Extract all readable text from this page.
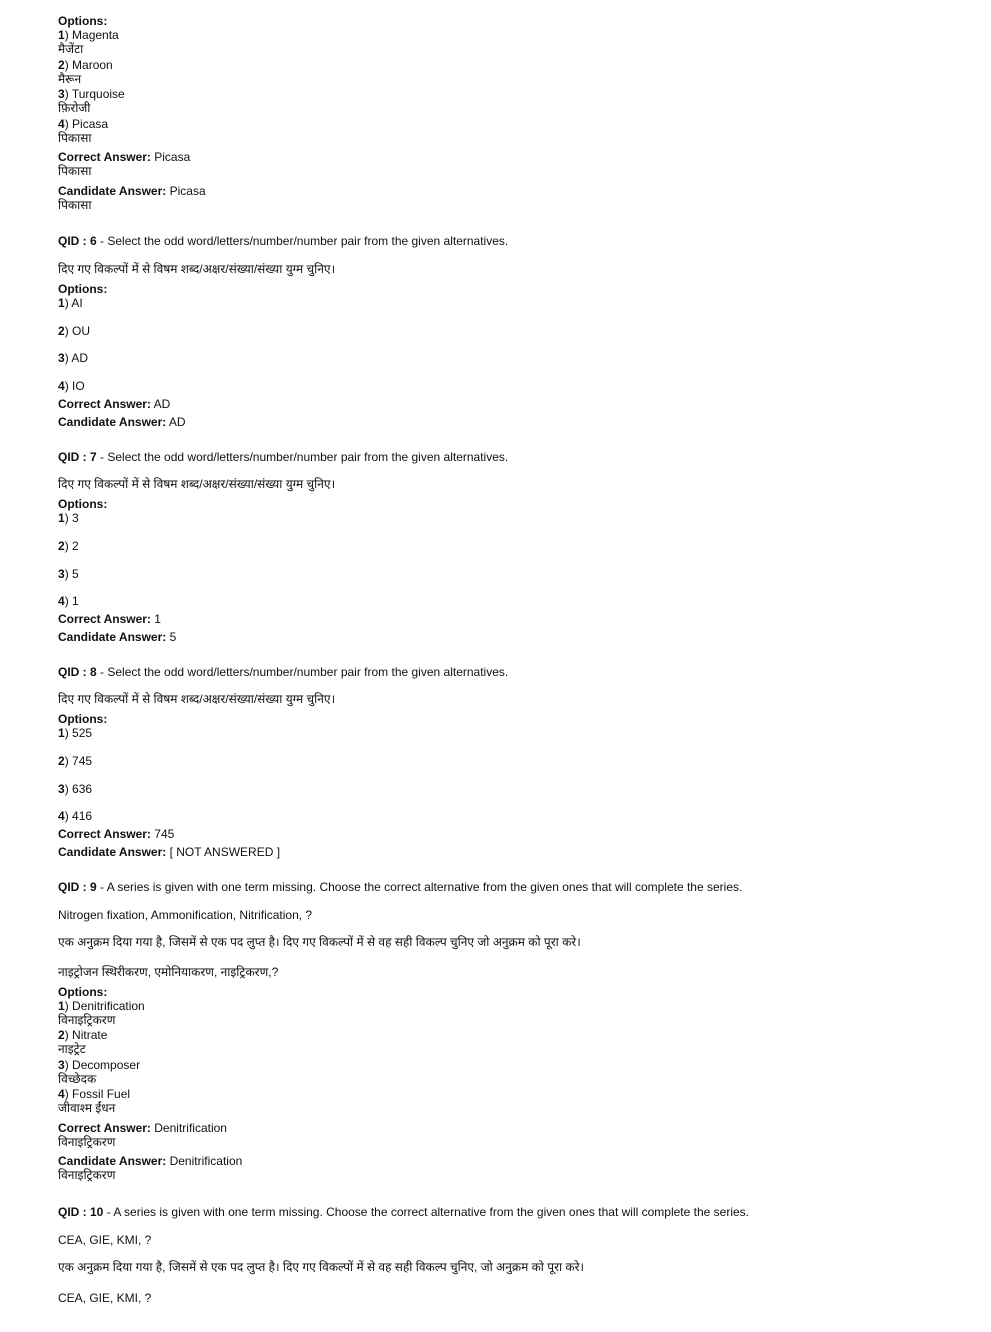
Options:
1) Magenta
मैजेंटा
2) Maroon
मैरून
3) Turquoise
फ़िरोजी
4) Picasa
पिकासा
Correct Answer: Picasa
पिकासा
Candidate Answer: Picasa
पिकासा
QID : 6 - Select the odd word/letters/number/number pair from the given alternatives.
दिए गए विकल्पों में से विषम शब्द/अक्षर/संख्या/संख्या युग्म चुनिए।
Options:
1) AI
2) OU
3) AD
4) IO
Correct Answer: AD
Candidate Answer: AD
QID : 7 - Select the odd word/letters/number/number pair from the given alternatives.
दिए गए विकल्पों में से विषम शब्द/अक्षर/संख्या/संख्या युग्म चुनिए।
Options:
1) 3
2) 2
3) 5
4) 1
Correct Answer: 1
Candidate Answer: 5
QID : 8 - Select the odd word/letters/number/number pair from the given alternatives.
दिए गए विकल्पों में से विषम शब्द/अक्षर/संख्या/संख्या युग्म चुनिए।
Options:
1) 525
2) 745
3) 636
4) 416
Correct Answer: 745
Candidate Answer: [ NOT ANSWERED ]
QID : 9 - A series is given with one term missing. Choose the correct alternative from the given ones that will complete the series.
Nitrogen fixation, Ammonification, Nitrification, ?
एक अनुक्रम दिया गया है, जिसमें से एक पद लुप्त है। दिए गए विकल्पों में से वह सही विकल्प चुनिए जो अनुक्रम को पूरा करे।
नाइट्रोजन स्थिरीकरण, एमोनियाकरण, नाइट्रिकरण,?
Options:
1) Denitrification
विनाइट्रिकरण
2) Nitrate
नाइट्रेट
3) Decomposer
विच्छेदक
4) Fossil Fuel
जीवाश्म ईंधन
Correct Answer: Denitrification
विनाइट्रिकरण
Candidate Answer: Denitrification
विनाइट्रिकरण
QID : 10 - A series is given with one term missing. Choose the correct alternative from the given ones that will complete the series.
CEA, GIE, KMI, ?
एक अनुक्रम दिया गया है, जिसमें से एक पद लुप्त है। दिए गए विकल्पों में से वह सही विकल्प चुनिए, जो अनुक्रम को पूरा करे।
CEA, GIE, KMI, ?
